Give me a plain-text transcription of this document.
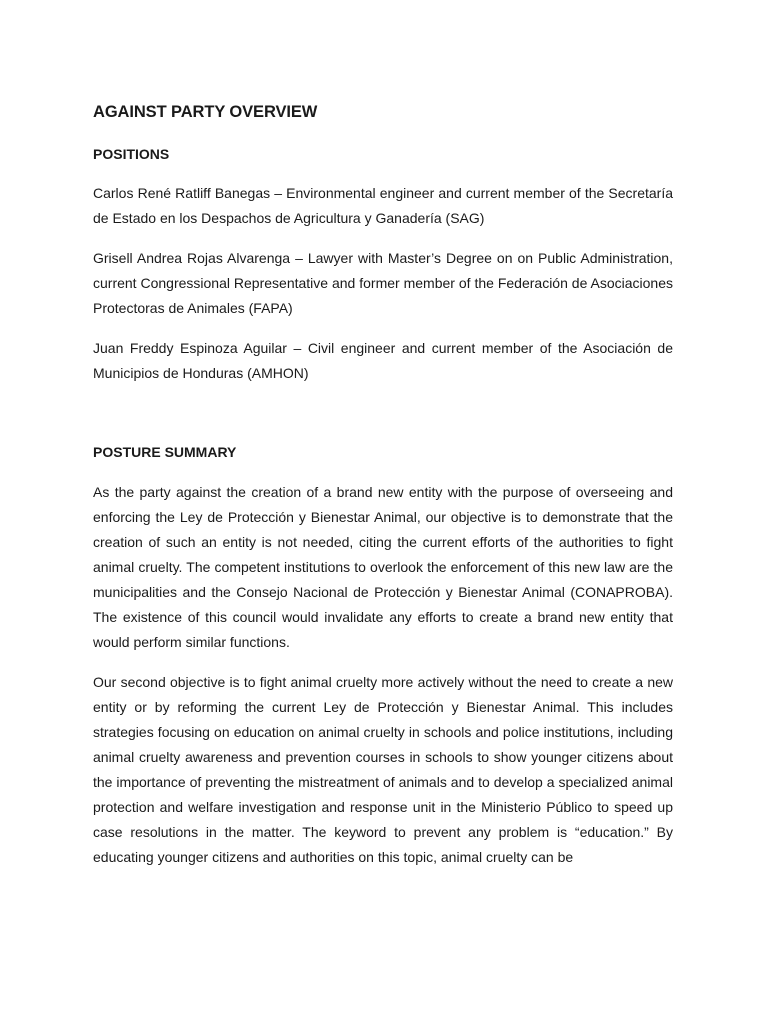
AGAINST PARTY OVERVIEW
POSITIONS

Carlos René Ratliff Banegas – Environmental engineer and current member of the Secretaría de Estado en los Despachos de Agricultura y Ganadería (SAG)

Grisell Andrea Rojas Alvarenga – Lawyer with Master’s Degree on on Public Administration, current Congressional Representative and former member of the Federación de Asociaciones Protectoras de Animales (FAPA)

Juan Freddy Espinoza Aguilar – Civil engineer and current member of the Asociación de Municipios de Honduras (AMHON)

POSTURE SUMMARY

As the party against the creation of a brand new entity with the purpose of overseeing and enforcing the Ley de Protección y Bienestar Animal, our objective is to demonstrate that the creation of such an entity is not needed, citing the current efforts of the authorities to fight animal cruelty. The competent institutions to overlook the enforcement of this new law are the municipalities and the Consejo Nacional de Protección y Bienestar Animal (CONAPROBA). The existence of this council would invalidate any efforts to create a brand new entity that would perform similar functions.

Our second objective is to fight animal cruelty more actively without the need to create a new entity or by reforming the current Ley de Protección y Bienestar Animal. This includes strategies focusing on education on animal cruelty in schools and police institutions, including animal cruelty awareness and prevention courses in schools to show younger citizens about the importance of preventing the mistreatment of animals and to develop a specialized animal protection and welfare investigation and response unit in the Ministerio Público to speed up case resolutions in the matter. The keyword to prevent any problem is “education.” By educating younger citizens and authorities on this topic, animal cruelty can be
